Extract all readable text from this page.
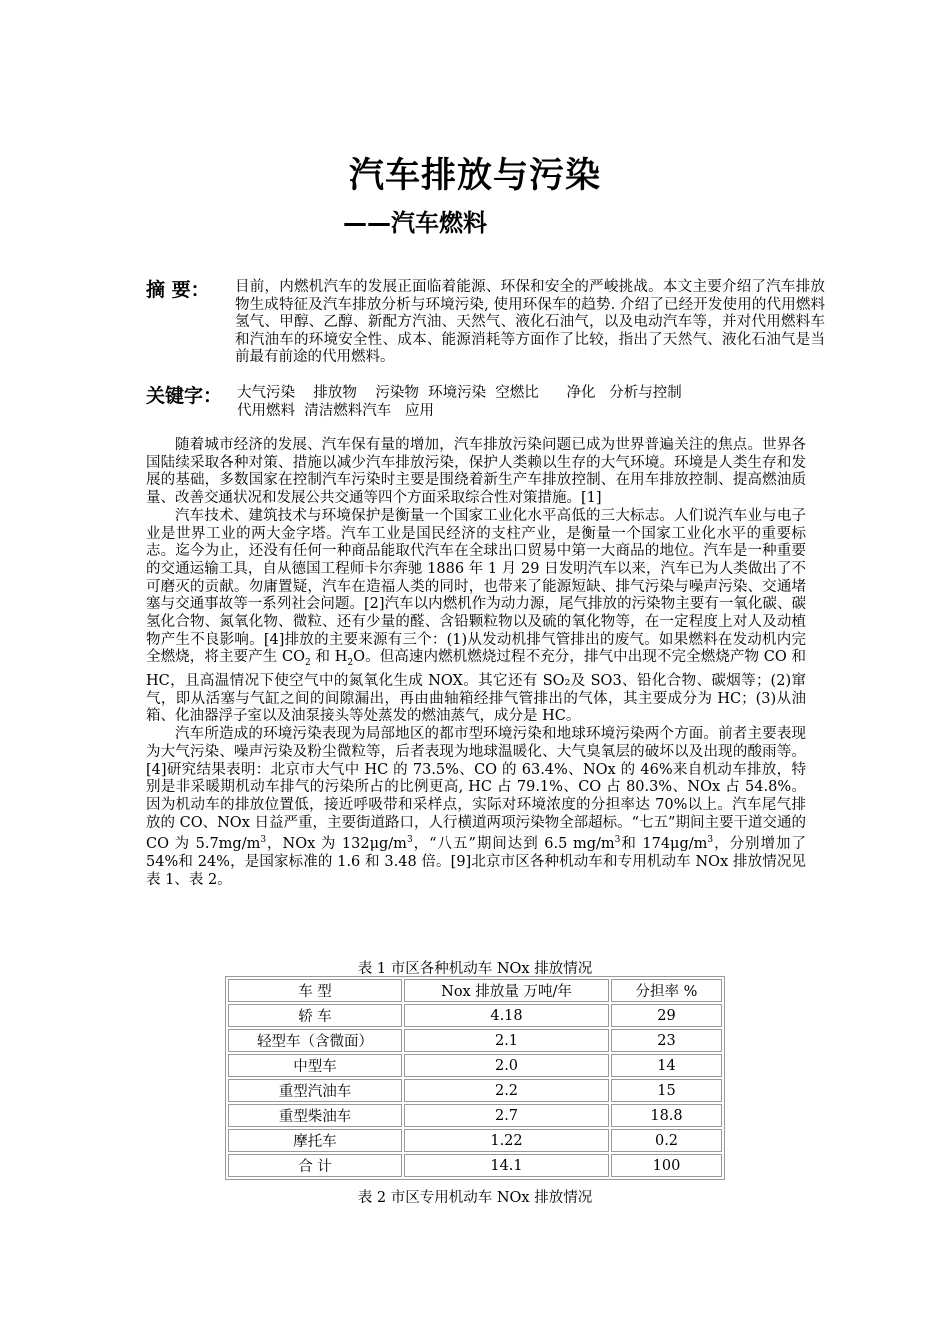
汽车排放与污染
——汽车燃料
摘 要： 目前，内燃机汽车的发展正面临着能源、环保和安全的严峻挑战。本文主要介绍了汽车排放物生成特征及汽车排放分析与环境污染, 使用环保车的趋势. 介绍了已经开发使用的代用燃料氢气、甲醇、乙醇、新配方汽油、天然气、液化石油气，以及电动汽车等，并对代用燃料车和汽油车的环境安全性、成本、能源消耗等方面作了比较，指出了天然气、液化石油气是当前最有前途的代用燃料。
关键字： 大气污染    排放物    污染物  环境污染  空燃比      净化   分析与控制
代用燃料  清洁燃料汽车   应用

随着城市经济的发展、汽车保有量的增加，汽车排放污染问题已成为世界普遍关注的焦点。世界各国陆续采取各种对策、措施以减少汽车排放污染，保护人类赖以生存的大气环境。环境是人类生存和发展的基础，多数国家在控制汽车污染时主要是围绕着新生产车排放控制、在用车排放控制、提高燃油质量、改善交通状况和发展公共交通等四个方面采取综合性对策措施。[1]

汽车技术、建筑技术与环境保护是衡量一个国家工业化水平高低的三大标志。人们说汽车业与电子业是世界工业的两大金字塔。汽车工业是国民经济的支柱产业，是衡量一个国家工业化水平的重要标志。迄今为止，还没有任何一种商品能取代汽车在全球出口贸易中第一大商品的地位。汽车是一种重要的交通运输工具，自从德国工程师卡尔奔驰 1886 年 1 月 29 日发明汽车以来，汽车已为人类做出了不可磨灭的贡献。勿庸置疑，汽车在造福人类的同时，也带来了能源短缺、排气污染与噪声污染、交通堵塞与交通事故等一系列社会问题。[2]汽车以内燃机作为动力源，尾气排放的污染物主要有一氧化碳、碳氢化合物、氮氧化物、微粒、还有少量的醛、含铅颗粒物以及硫的氧化物等，在一定程度上对人及动植物产生不良影响。[4]排放的主要来源有三个：(1)从发动机排气管排出的废气。如果燃料在发动机内完全燃烧，将主要产生 $CO_2$ 和 $H_2O$。但高速内燃机燃烧过程不充分，排气中出现不完全燃烧产物 CO 和 HC，且高温情况下使空气中的氮氧化生成 NOX。其它还有 SO₂及 SO3、铅化合物、碳烟等；(2)窜气，即从活塞与气缸之间的间隙漏出，再由曲轴箱经排气管排出的气体，其主要成分为 HC；(3)从油箱、化油器浮子室以及油泵接头等处蒸发的燃油蒸气，成分是 HC。

汽车所造成的环境污染表现为局部地区的都市型环境污染和地球环境污染两个方面。前者主要表现为大气污染、噪声污染及粉尘微粒等，后者表现为地球温暖化、大气臭氧层的破坏以及出现的酸雨等。[4]研究结果表明：北京市大气中 HC 的 73.5%、CO 的 63.4%、NOx 的 46%来自机动车排放，特别是非采暖期机动车排气的污染所占的比例更高, HC 占 79.1%、CO 占 80.3%、NOx 占 54.8%。因为机动车的排放位置低，接近呼吸带和采样点，实际对环境浓度的分担率达 70%以上。汽车尾气排放的 CO、NOx 日益严重，主要街道路口，人行横道两项污染物全部超标。“七五”期间主要干道交通的 CO 为 $5.7mg/m^3$，NOx 为 $132\mu g/m^3$，“八五”期间达到 6.5 $mg/m^3$和 $174\mu g/m^3$，分别增加了 54%和 24%，是国家标准的 1.6 和 3.48 倍。[9]北京市区各种机动车和专用机动车 NOx 排放情况见表 1、表 2。

表 1 市区各种机动车 NOx 排放情况
车 型	Nox 排放量 万吨/年	分担率 %
轿 车	4.18	29
轻型车（含微面）	2.1	23
中型车	2.0	14
重型汽油车	2.2	15
重型柴油车	2.7	18.8
摩托车	1.22	0.2
合 计	14.1	100
表 2 市区专用机动车 NOx 排放情况
